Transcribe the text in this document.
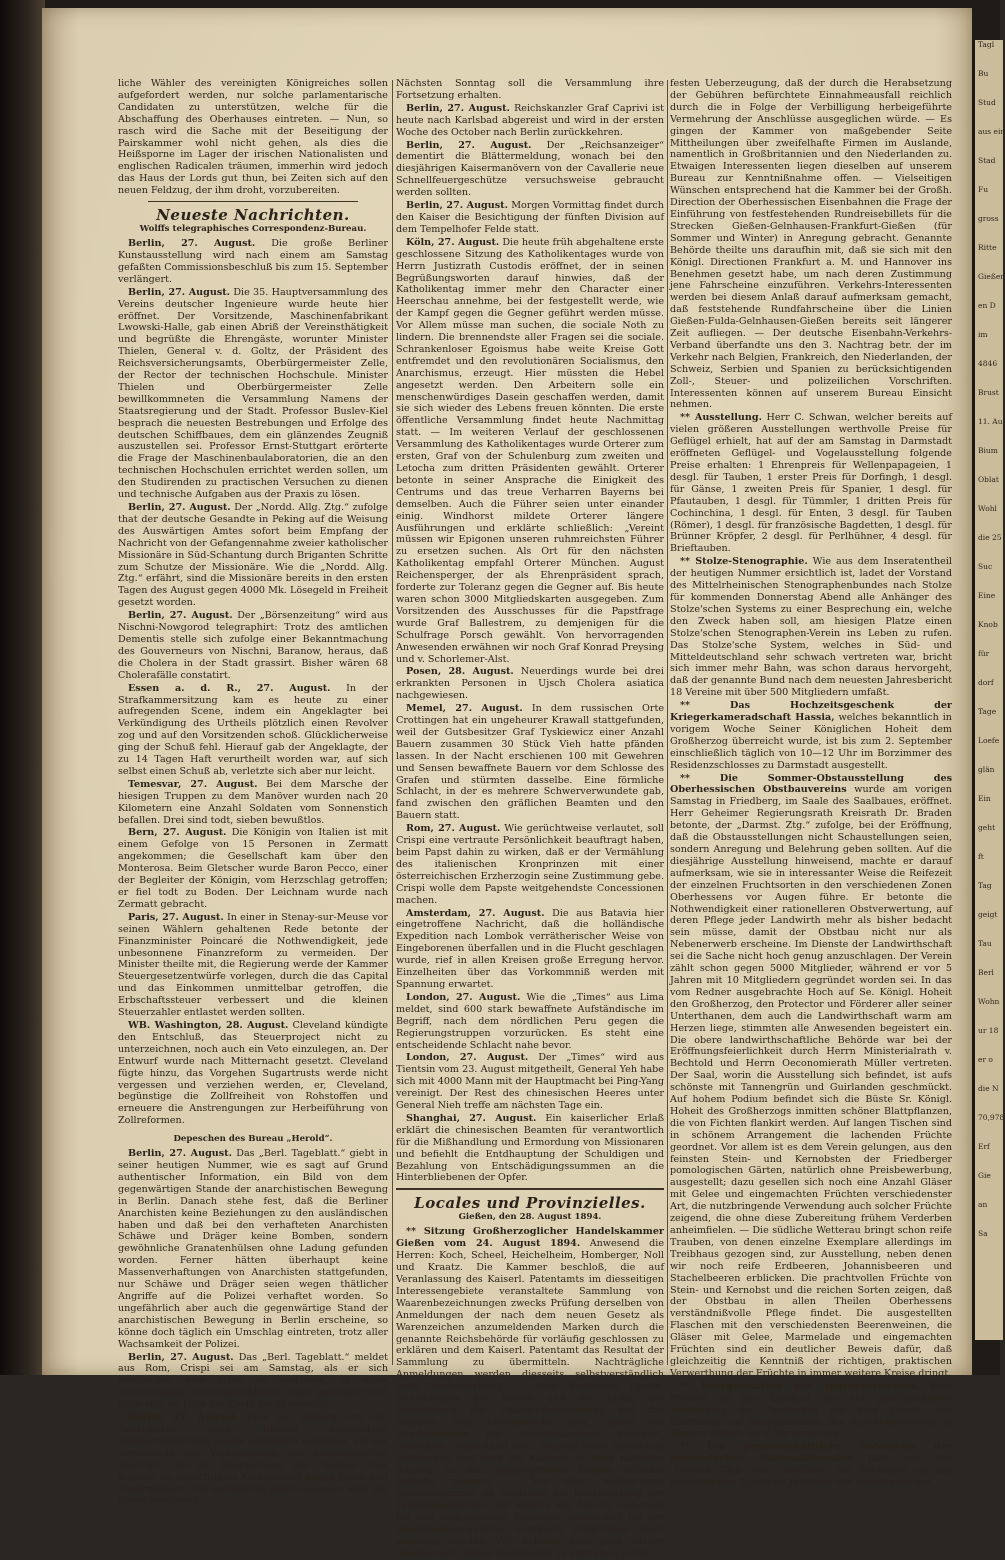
Tagl
Bu
Stud
aus ein
Stad
Fu
gross
Ritte
Gießen
en D
im
4846
Brust
11. Au
Bium
Oblat
Wohl
die 25
Suc
Eine
Knob
für
dorf
Tage
Loefe
glän
Ein
geht
ft
Tag
geigt
Tau
Berl
Wohn
ur 18
er o
die N
70,978
Erf
Gie
an
Sa

liche Wähler des vereinigten Königreiches sollen aufgefordert werden, nur solche parlamentarische Candidaten zu unterstützen, welche für die Abschaffung des Oberhauses eintreten. — Nun, so rasch wird die Sache mit der Beseitigung der Pairskammer wohl nicht gehen, als dies die Heißsporne im Lager der irischen Nationalisten und englischen Radicalen träumen, immerhin wird jedoch das Haus der Lords gut thun, bei Zeiten sich auf den neuen Feldzug, der ihm droht, vorzubereiten.

Neueste Nachrichten.
Wolffs telegraphisches Correspondenz-Bureau.

Berlin, 27. August. Die große Berliner Kunstausstellung wird nach einem am Samstag gefaßten Commissionsbeschluß bis zum 15. September verlängert.

Berlin, 27. August. Die 35. Hauptversammlung des Vereins deutscher Ingenieure wurde heute hier eröffnet. Der Vorsitzende, Maschinenfabrikant Lwowski-Halle, gab einen Abriß der Vereinsthätigkeit und begrüßte die Ehrengäste, worunter Minister Thielen, General v. d. Goltz, der Präsident des Reichsversicherungsamts, Oberbürgermeister Zelle, der Rector der technischen Hochschule. Minister Thielen und Oberbürgermeister Zelle bewillkommneten die Versammlung Namens der Staatsregierung und der Stadt. Professor Buslev-Kiel besprach die neuesten Bestrebungen und Erfolge des deutschen Schiffbaues, dem ein glänzendes Zeugniß auszustellen sei. Professor Ernst-Stuttgart erörterte die Frage der Maschinenbaulaboratorien, die an den technischen Hochschulen errichtet werden sollen, um den Studirenden zu practischen Versuchen zu dienen und technische Aufgaben aus der Praxis zu lösen.

Berlin, 27. August. Der „Nordd. Allg. Ztg.“ zufolge that der deutsche Gesandte in Peking auf die Weisung des Auswärtigen Amtes sofort beim Empfang der Nachricht von der Gefangennahme zweier katholischer Missionäre in Süd-Schantung durch Briganten Schritte zum Schutze der Missionäre. Wie die „Nordd. Allg. Ztg.“ erfährt, sind die Missionäre bereits in den ersten Tagen des August gegen 4000 Mk. Lösegeld in Freiheit gesetzt worden.

Berlin, 27. August. Der „Börsenzeitung“ wird aus Nischni-Nowgorod telegraphirt: Trotz des amtlichen Dementis stelle sich zufolge einer Bekanntmachung des Gouverneurs von Nischni, Baranow, heraus, daß die Cholera in der Stadt grassirt. Bisher wären 68 Cholerafälle constatirt.

Essen a. d. R., 27. August. In der Strafkammersitzung kam es heute zu einer aufregenden Scene, indem ein Angeklagter bei Verkündigung des Urtheils plötzlich einen Revolver zog und auf den Vorsitzenden schoß. Glücklicherweise ging der Schuß fehl. Hierauf gab der Angeklagte, der zu 14 Tagen Haft verurtheilt worden war, auf sich selbst einen Schuß ab, verletzte sich aber nur leicht.

Temesvar, 27. August. Bei dem Marsche der hiesigen Truppen zu dem Manöver wurden nach 20 Kilometern eine Anzahl Soldaten vom Sonnenstich befallen. Drei sind todt, sieben bewußtlos.

Bern, 27. August. Die Königin von Italien ist mit einem Gefolge von 15 Personen in Zermatt angekommen; die Gesellschaft kam über den Monterosa. Beim Gletscher wurde Baron Pecco, einer der Begleiter der Königin, vom Herzschlag getroffen; er fiel todt zu Boden. Der Leichnam wurde nach Zermatt gebracht.

Paris, 27. August. In einer in Stenay-sur-Meuse vor seinen Wählern gehaltenen Rede betonte der Finanzminister Poincaré die Nothwendigkeit, jede unbesonnene Finanzreform zu vermeiden. Der Minister theilte mit, die Regierung werde der Kammer Steuergesetzentwürfe vorlegen, durch die das Capital und das Einkommen unmittelbar getroffen, die Erbschaftssteuer verbessert und die kleinen Steuerzahler entlastet werden sollten.

WB. Washington, 28. August. Cleveland kündigte den Entschluß, das Steuerproject nicht zu unterzeichnen, noch auch ein Veto einzulegen, an. Der Entwurf wurde nach Mitternacht gesetzt. Cleveland fügte hinzu, das Vorgehen Sugartrusts werde nicht vergessen und verziehen werden, er, Cleveland, begünstige die Zollfreiheit von Rohstoffen und erneuere die Anstrengungen zur Herbeiführung von Zollreformen.

Depeschen des Bureau „Herold“.

Berlin, 27. August. Das „Berl. Tageblatt.“ giebt in seiner heutigen Nummer, wie es sagt auf Grund authentischer Information, ein Bild von dem gegenwärtigen Stande der anarchistischen Bewegung in Berlin. Danach stehe fest, daß die Berliner Anarchisten keine Beziehungen zu den ausländischen haben und daß bei den verhafteten Anarchisten Schäwe und Dräger keine Bomben, sondern gewöhnliche Granatenhülsen ohne Ladung gefunden worden. Ferner hätten überhaupt keine Massenverhaftungen von Anarchisten stattgefunden, nur Schäwe und Dräger seien wegen thätlicher Angriffe auf die Polizei verhaftet worden. So ungefährlich aber auch die gegenwärtige Stand der anarchistischen Bewegung in Berlin erscheine, so könne doch täglich ein Umschlag eintreten, trotz aller Wachsamkeit der Polizei.

Berlin, 27. August. Das „Berl. Tageblatt.“ meldet aus Rom, Crispi sei am Samstag, als er sich anschickte, sein Haus zu verlassen, in einer Kurzschtigkeit über einen kleinen Tisch gestolpert und habe sich im Falle am Kopfe leicht verletzt.

Berlin, 27. August. Eine auf gestern von den Anarchisten nach Rixdorf einberufene Volksversammlung wurde polizeilich aufgelöst, als der Vorsitzende der Versammlung, ein antisemitischer Anarchist, bei der Besprechung des Themas: „Der Boykott als berechtigtes Kampfmittel gegen Juden und Unternehmer“ die extremsten Anschauungen über die Juden aussprach.

Nächsten Sonntag soll die Versammlung ihre Fortsetzung erhalten.

Berlin, 27. August. Reichskanzler Graf Caprivi ist heute nach Karlsbad abgereist und wird in der ersten Woche des October nach Berlin zurückkehren.

Berlin, 27. August. Der „Reichsanzeiger“ dementirt die Blättermeldung, wonach bei den diesjährigen Kaisermanövern von der Cavallerie neue Schnellfeuergeschütze versuchsweise gebraucht werden sollten.

Berlin, 27. August. Morgen Vormittag findet durch den Kaiser die Besichtigung der fünften Division auf dem Tempelhofer Felde statt.

Köln, 27. August. Die heute früh abgehaltene erste geschlossene Sitzung des Katholikentages wurde von Herrn Justizrath Custodis eröffnet, der in seinen Begrüßungsworten darauf hinwies, daß der Katholikentag immer mehr den Character einer Heerschau annehme, bei der festgestellt werde, wie der Kampf gegen die Gegner geführt werden müsse. Vor Allem müsse man suchen, die sociale Noth zu lindern. Die brennendste aller Fragen sei die sociale. Schrankenloser Egoismus habe weite Kreise Gott entfremdet und den revolutionären Socialismus, den Anarchismus, erzeugt. Hier müssten die Hebel angesetzt werden. Den Arbeitern solle ein menschenwürdiges Dasein geschaffen werden, damit sie sich wieder des Lebens freuen könnten. Die erste öffentliche Versammlung findet heute Nachmittag statt. — Im weiteren Verlauf der geschlossenen Versammlung des Katholikentages wurde Orterer zum ersten, Graf von der Schulenburg zum zweiten und Letocha zum dritten Präsidenten gewählt. Orterer betonte in seiner Ansprache die Einigkeit des Centrums und das treue Verharren Bayerns bei demselben. Auch die Führer seien unter einander einig. Windhorst mildete Orterer längere Ausführungen und erklärte schließlich: „Vereint müssen wir Epigonen unseren ruhmreichsten Führer zu ersetzen suchen. Als Ort für den nächsten Katholikentag empfahl Orterer München. August Reichensperger, der als Ehrenpräsident sprach, forderte zur Toleranz gegen die Gegner auf. Bis heute waren schon 3000 Mitgliedskarten ausgegeben. Zum Vorsitzenden des Ausschusses für die Papstfrage wurde Graf Ballestrem, zu demjenigen für die Schulfrage Porsch gewählt. Von hervorragenden Anwesenden erwähnen wir noch Graf Konrad Preysing und v. Schorlemer-Alst.

Posen, 28. August. Neuerdings wurde bei drei erkrankten Personen in Ujsch Cholera asiatica nachgewiesen.

Memel, 27. August. In dem russischen Orte Crottingen hat ein ungeheurer Krawall stattgefunden, weil der Gutsbesitzer Graf Tyskiewicz einer Anzahl Bauern zusammen 30 Stück Vieh hatte pfänden lassen. In der Nacht erschienen 100 mit Gewehren und Sensen bewaffnete Bauern vor dem Schlosse des Grafen und stürmten dasselbe. Eine förmliche Schlacht, in der es mehrere Schwerverwundete gab, fand zwischen den gräflichen Beamten und den Bauern statt.

Rom, 27. August. Wie gerüchtweise verlautet, soll Crispi eine vertraute Persönlichkeit beauftragt haben, beim Papst dahin zu wirken, daß er der Vermählung des italienischen Kronprinzen mit einer österreichischen Erzherzogin seine Zustimmung gebe. Crispi wolle dem Papste weitgehendste Concessionen machen.

Amsterdam, 27. August. Die aus Batavia hier eingetroffene Nachricht, daß die holländische Expedition nach Lombok verrätherischer Weise von Eingeborenen überfallen und in die Flucht geschlagen wurde, rief in allen Kreisen große Erregung hervor. Einzelheiten über das Vorkommniß werden mit Spannung erwartet.

London, 27. August. Wie die „Times“ aus Lima meldet, sind 600 stark bewaffnete Aufständische im Begriff, nach dem nördlichen Peru gegen die Regierungstruppen vorzurücken. Es steht eine entscheidende Schlacht nahe bevor.

London, 27. August. Der „Times“ wird aus Tientsin vom 23. August mitgetheilt, General Yeh habe sich mit 4000 Mann mit der Hauptmacht bei Ping-Yang vereinigt. Der Rest des chinesischen Heeres unter General Nieh treffe am nächsten Tage ein.

Shanghai, 27. August. Ein kaiserlicher Erlaß erklärt die chinesischen Beamten für verantwortlich für die Mißhandlung und Ermordung von Missionaren und befiehlt die Entdhauptung der Schuldigen und Bezahlung von Entschädigungssummen an die Hinterbliebenen der Opfer.

Locales und Provinzielles.
Gießen, den 28. August 1894.

** Sitzung Großherzoglicher Handelskammer Gießen vom 24. August 1894. Anwesend die Herren: Koch, Scheel, Heichelheim, Homberger, Noll und Kraatz. Die Kammer beschloß, die auf Veranlassung des Kaiserl. Patentamts im diesseitigen Interessengebiete veranstaltete Sammlung von Waarenbezeichnungen zwecks Prüfung derselben von Anmeldungen der nach dem neuen Gesetz als Warenzeichen anzumeldenden Marken durch die genannte Reichsbehörde für vorläufig geschlossen zu erklären und dem Kaiserl. Patentamt das Resultat der Sammlung zu übermitteln. Nachträgliche Anmeldungen werden diesseits selbstverständlich noch berücksichtigt. — Eine Verfügung Großh. Ministeriums des Innern und der Justiz, die Erweiterung der Zwangs-Versicherung auf das Handels- und Kleingewerbe betr., sowie ein Rundschreiben der Handelskammer Stuttgart, denselben Gegenstand betr., wurden einer Berathung unterzogen und wird die Kammer in ihrer nächsten Sitzung zu den aufgeworfenen Fragen definitiv Stellung nehmen. — Von einer auswärtigen Handelskammer ist wiederum die Herabsetzung der Telephongebühren, für welche wir bereits mehrfach bei den maßgebenden Behörden, namentlich bei der Reichspostverwaltung energisch eingetreten sind, angeregt worden. Wir nehmen auch jetzt wieder Gelegenheit, diesen Standpunkt zu vertreten, in der

festen Ueberzeugung, daß der durch die Herabsetzung der Gebühren befürchtete Einnahmeausfall reichlich durch die in Folge der Verbilligung herbeigeführte Vermehrung der Anschlüsse ausgeglichen würde. — Es gingen der Kammer von maßgebender Seite Mittheilungen über zweifelhafte Firmen im Auslande, namentlich in Großbritannien und den Niederlanden zu. Etwaigen Interessenten liegen dieselben auf unserem Bureau zur Kenntnißnahme offen. — Vielseitigen Wünschen entsprechend hat die Kammer bei der Großh. Direction der Oberhessischen Eisenbahnen die Frage der Einführung von festfestehenden Rundreisebillets für die Strecken Gießen-Gelnhausen-Frankfurt-Gießen (für Sommer und Winter) in Anregung gebracht. Genannte Behörde theilte uns daraufhin mit, daß sie sich mit den Königl. Directionen Frankfurt a. M. und Hannover ins Benehmen gesetzt habe, um nach deren Zustimmung jene Fahrscheine einzuführen. Verkehrs-Interessenten werden bei diesem Anlaß darauf aufmerksam gemacht, daß feststehende Rundfahrscheine über die Linien Gießen-Fulda-Gelnhausen-Gießen bereits seit längerer Zeit aufliegen. — Der deutsche Eisenbahn-Verkehrs-Verband überfandte uns den 3. Nachtrag betr. der im Verkehr nach Belgien, Frankreich, den Niederlanden, der Schweiz, Serbien und Spanien zu berücksichtigenden Zoll-, Steuer- und polizeilichen Vorschriften. Interessenten können auf unserem Bureau Einsicht nehmen.

** Ausstellung. Herr C. Schwan, welcher bereits auf vielen größeren Ausstellungen werthvolle Preise für Geflügel erhielt, hat auf der am Samstag in Darmstadt eröffneten Geflügel- und Vogelausstellung folgende Preise erhalten: 1 Ehrenpreis für Wellenpapageien, 1 desgl. für Tauben, 1 erster Preis für Dorfingh, 1 desgl. für Gänse, 1 zweiten Preis für Spanier, 1 desgl. für Pfautauben, 1 desgl. für Tümmler, 1 dritten Preis für Cochinchina, 1 desgl. für Enten, 3 desgl. für Tauben (Römer), 1 desgl. für französische Bagdetten, 1 desgl. für Brünner Kröpfer, 2 desgl. für Perlhühner, 4 desgl. für Brieftauben.

** Stolze-Stenographie. Wie aus dem Inseratentheil der heutigen Nummer ersichtlich ist, ladet der Vorstand des Mittelrheinischen Stenographenbundes nach Stolze für kommenden Donnerstag Abend alle Anhänger des Stolze'schen Systems zu einer Besprechung ein, welche den Zweck haben soll, am hiesigen Platze einen Stolze'schen Stenographen-Verein ins Leben zu rufen. Das Stolze'sche System, welches in Süd- und Mitteldeutschland sehr schwach vertreten war, bricht sich immer mehr Bahn, was schon daraus hervorgeht, daß der genannte Bund nach dem neuesten Jahresbericht 18 Vereine mit über 500 Mitgliedern umfaßt.

** Das Hochzeitsgeschenk der Kriegerkameradschaft Hassia, welches bekanntlich in vorigem Woche Seiner Königlichen Hoheit dem Großherzog überreicht wurde, ist bis zum 2. September einschließlich täglich von 10—12 Uhr im Borzimmer des Residenzschlosses zu Darmstadt ausgestellt.

** Die Sommer-Obstausstellung des Oberhessischen Obstbauvereins wurde am vorigen Samstag in Friedberg, im Saale des Saalbaues, eröffnet. Herr Geheimer Regierungsrath Kreisrath Dr. Braden betonte, der „Darmst. Ztg.“ zufolge, bei der Eröffnung, daß die Obstausstellungen nicht Schaustellungen seien, sondern Anregung und Belehrung geben sollten. Auf die diesjährige Ausstellung hinweisend, machte er darauf aufmerksam, wie sie in interessanter Weise die Reifezeit der einzelnen Fruchtsorten in den verschiedenen Zonen Oberhessens vor Augen führe. Er betonte die Nothwendigkeit einer rationelleren Obstverwertung, auf deren Pflege jeder Landwirth mehr als bisher bedacht sein müsse, damit der Obstbau nicht nur als Nebenerwerb erscheine. Im Dienste der Landwirthschaft sei die Sache nicht hoch genug anzuschlagen. Der Verein zählt schon gegen 5000 Mitglieder, während er vor 5 Jahren mit 10 Mitgliedern gegründet worden sei. In das vom Redner ausgebrachte Hoch auf Se. Königl. Hoheit den Großherzog, den Protector und Förderer aller seiner Unterthanen, dem auch die Landwirthschaft warm am Herzen liege, stimmten alle Anwesenden begeistert ein. Die obere landwirthschaftliche Behörde war bei der Eröffnungsfeierlichkeit durch Herrn Ministerialrath v. Bechtold und Herrn Oeconomierath Müller vertreten. Der Saal, worin die Ausstellung sich befindet, ist aufs schönste mit Tannengrün und Guirlanden geschmückt. Auf hohem Podium befindet sich die Büste Sr. Königl. Hoheit des Großherzogs inmitten schöner Blattpflanzen, die von Fichten flankirt werden. Auf langen Tischen sind in schönem Arrangement die lachenden Früchte geordnet. Vor allem ist es dem Verein gelungen, aus den feinsten Stein- und Kernobsten der Friedberger pomologischen Gärten, natürlich ohne Preisbewerbung, ausgestellt; dazu gesellen sich noch eine Anzahl Gläser mit Gelee und eingemachten Früchten verschiedenster Art, die nutzbringende Verwendung auch solcher Früchte zeigend, die ohne diese Zubereitung frühem Verderben anheimfielen. — Die südliche Wetterau bringt schon reife Trauben, von denen einzelne Exemplare allerdings im Treibhaus gezogen sind, zur Ausstellung, neben denen wir noch reife Erdbeeren, Johannisbeeren und Stachelbeeren erblicken. Die prachtvollen Früchte von Stein- und Kernobst und die reichen Sorten zeigen, daß der Obstbau in allen Theilen Oberhessens verständnißvolle Pflege findet. Die ausgestellten Flaschen mit den verschiedensten Beerenweinen, die Gläser mit Gelee, Marmelade und eingemachten Früchten sind ein deutlicher Beweis dafür, daß gleichzeitig die Kenntniß der richtigen, praktischen Verwerthung der Früchte in immer weitere Kreise dringt.

** Reorganisation des Apothekerwesens. Eine Petition an den Landtag, die auf gleichmäßigere Vertheilung der Apotheken auf dem Lande, wie überhaupt auf Reorganisation des Apothekerwesens in Hessen abzielt, ist in Vorbereitung.

** Die gemeinschaftliche Sedanfeier der süddeutschen Nationalliberalen fällt, wie der „Darmst. Tägl. Anz.“ mittheilt, mit Rücksicht auf das nächstjährige 25jährige Jubiläum des Sedantages aus.
